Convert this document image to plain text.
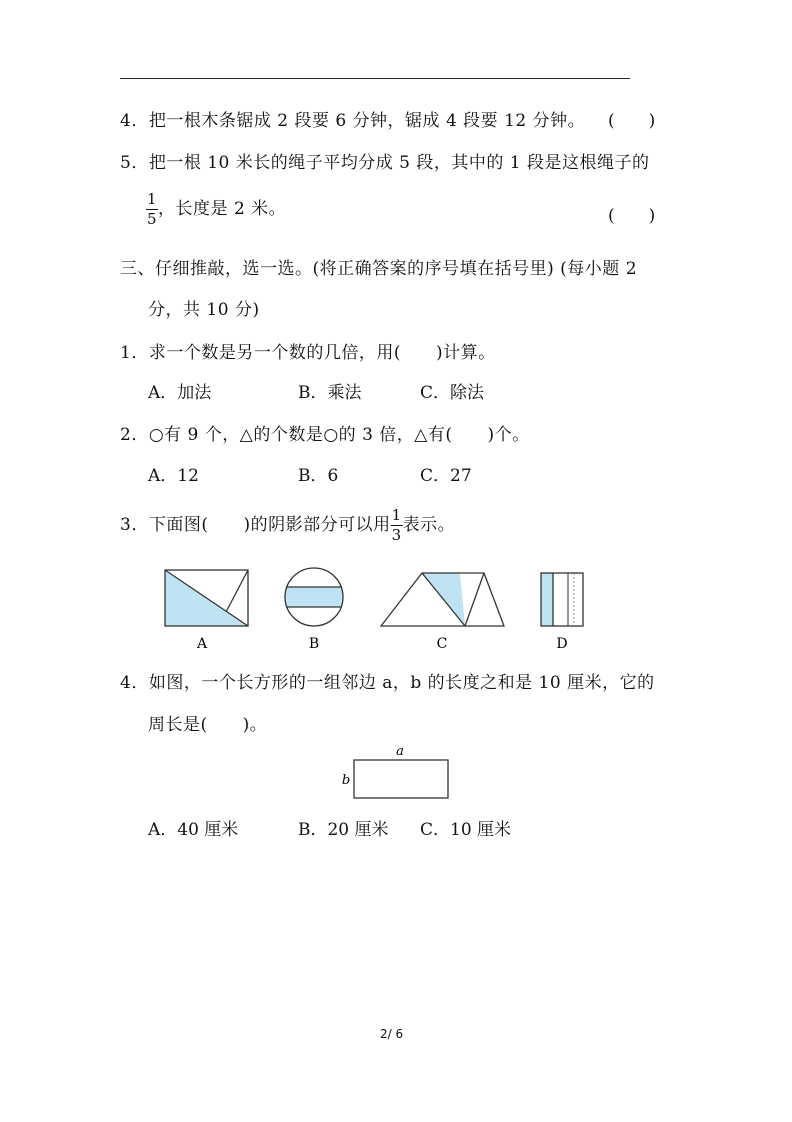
4．把一根木条锯成 2 段要 6 分钟，锯成 4 段要 12 分钟。 (　　)
5．把一根 10 米长的绳子平均分成 5 段，其中的 1 段是这根绳子的
$\frac{1}{5}$ ，长度是 2 米。	(　　)
三、仔细推敲，选一选。(将正确答案的序号填在括号里) (每小题 2
分，共 10 分)
1．求一个数是另一个数的几倍，用(　　)计算。
A．加法	B．乘法	C．除法
2．○有 9 个，△的个数是○的 3 倍，△有(　　)个。
A．12	B．6	C．27
3．下面图(　　)的阴影部分可以用 $\frac{1}{3}$ 表示。
A	B	C	D
4．如图，一个长方形的一组邻边 a，b 的长度之和是 10 厘米，它的
周长是(　　)。
a
b
A．40 厘米	B．20 厘米 C．10 厘米
2/ 6
